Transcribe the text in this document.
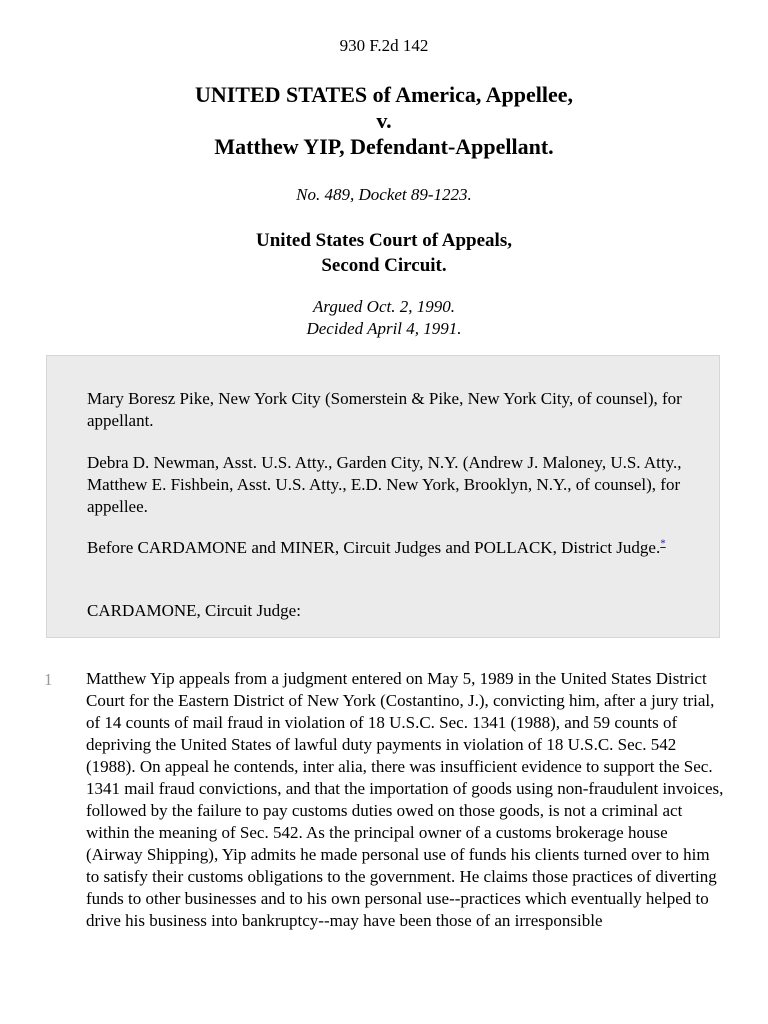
930 F.2d 142
UNITED STATES of America, Appellee,
v.
Matthew YIP, Defendant-Appellant.
No. 489, Docket 89-1223.
United States Court of Appeals,
Second Circuit.
Argued Oct. 2, 1990.
Decided April 4, 1991.

Mary Boresz Pike, New York City (Somerstein & Pike, New York City, of counsel), for appellant.

Debra D. Newman, Asst. U.S. Atty., Garden City, N.Y. (Andrew J. Maloney, U.S. Atty., Matthew E. Fishbein, Asst. U.S. Atty., E.D. New York, Brooklyn, N.Y., of counsel), for appellee.

Before CARDAMONE and MINER, Circuit Judges and POLLACK, District Judge.*

CARDAMONE, Circuit Judge:

1 Matthew Yip appeals from a judgment entered on May 5, 1989 in the United States District Court for the Eastern District of New York (Costantino, J.), convicting him, after a jury trial, of 14 counts of mail fraud in violation of 18 U.S.C. Sec. 1341 (1988), and 59 counts of depriving the United States of lawful duty payments in violation of 18 U.S.C. Sec. 542 (1988). On appeal he contends, inter alia, there was insufficient evidence to support the Sec. 1341 mail fraud convictions, and that the importation of goods using non-fraudulent invoices, followed by the failure to pay customs duties owed on those goods, is not a criminal act within the meaning of Sec. 542. As the principal owner of a customs brokerage house (Airway Shipping), Yip admits he made personal use of funds his clients turned over to him to satisfy their customs obligations to the government. He claims those practices of diverting funds to other businesses and to his own personal use--practices which eventually helped to drive his business into bankruptcy--may have been those of an irresponsible
